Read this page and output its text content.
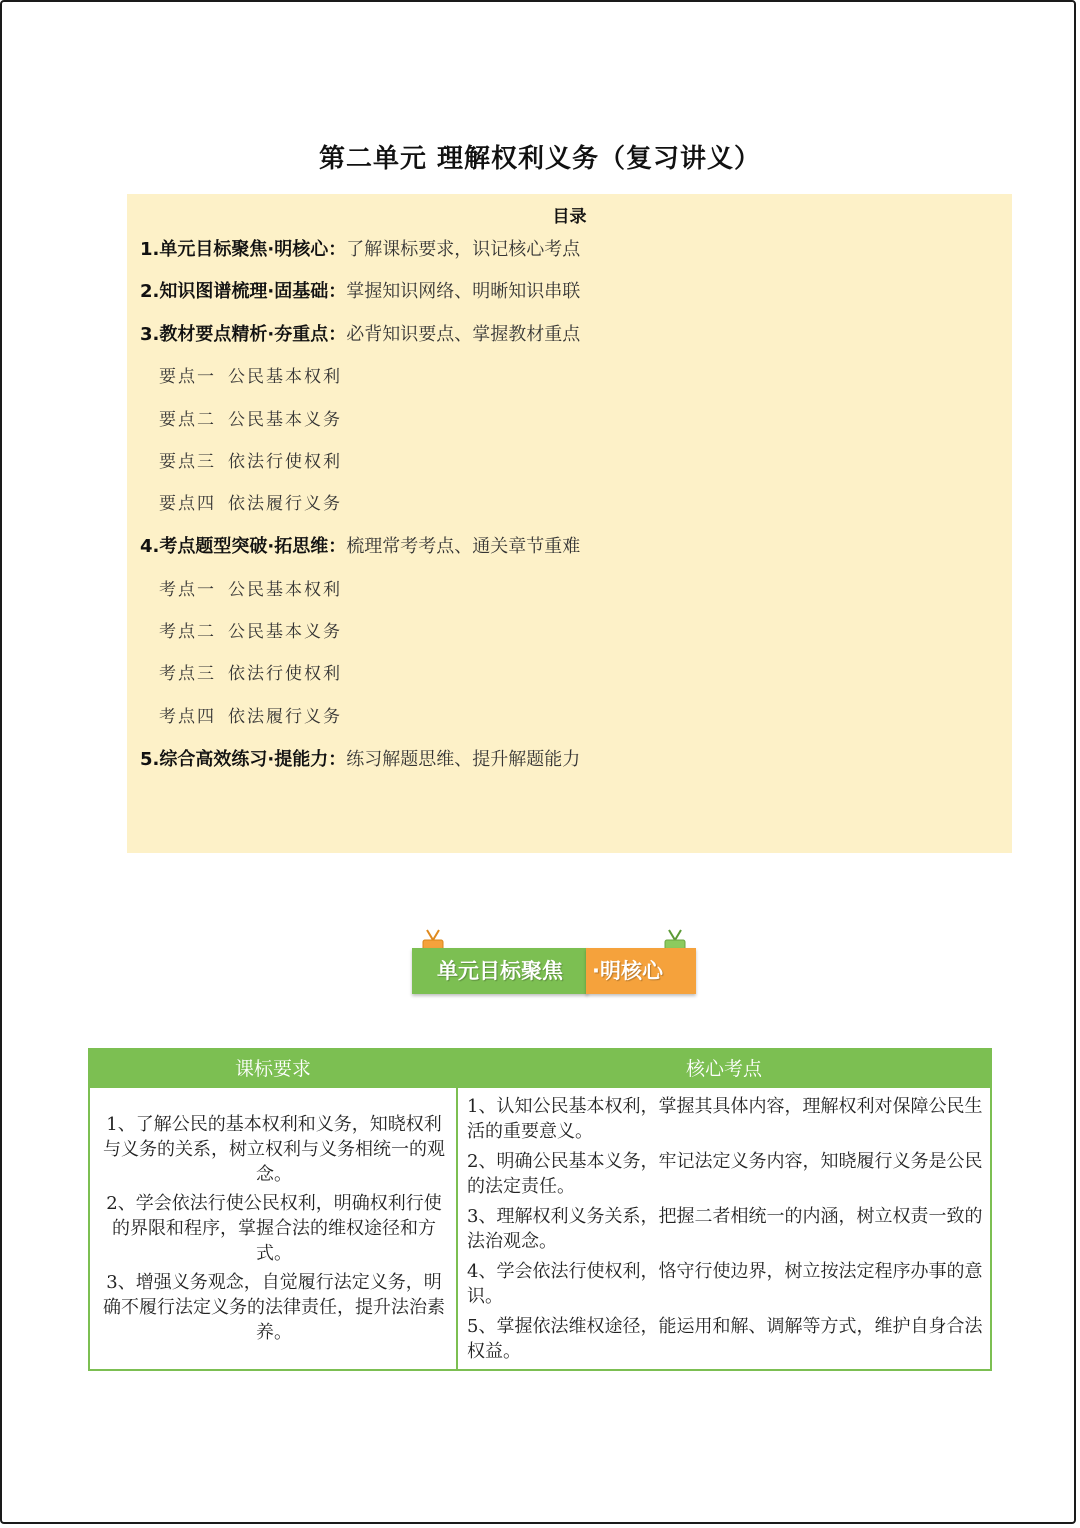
第二单元 理解权利义务（复习讲义）
目录
1.单元目标聚焦·明核心：了解课标要求，识记核心考点
2.知识图谱梳理·固基础：掌握知识网络、明晰知识串联
3.教材要点精析·夯重点：必背知识要点、掌握教材重点
要点一 公民基本权利
要点二 公民基本义务
要点三 依法行使权利
要点四 依法履行义务
4.考点题型突破·拓思维：梳理常考考点、通关章节重难
考点一 公民基本权利
考点二 公民基本义务
考点三 依法行使权利
考点四 依法履行义务
5.综合高效练习·提能力：练习解题思维、提升解题能力
单元目标聚焦	·明核心
课标要求	核心考点

1、了解公民的基本权利和义务，知晓权利与义务的关系，树立权利与义务相统一的观念。

2、学会依法行使公民权利，明确权利行使的界限和程序，掌握合法的维权途径和方式。

3、增强义务观念，自觉履行法定义务，明确不履行法定义务的法律责任，提升法治素养。

1、认知公民基本权利，掌握其具体内容，理解权利对保障公民生活的重要意义。

2、明确公民基本义务，牢记法定义务内容，知晓履行义务是公民的法定责任。

3、理解权利义务关系，把握二者相统一的内涵，树立权责一致的法治观念。

4、学会依法行使权利，恪守行使边界，树立按法定程序办事的意识。

5、掌握依法维权途径，能运用和解、调解等方式，维护自身合法权益。
